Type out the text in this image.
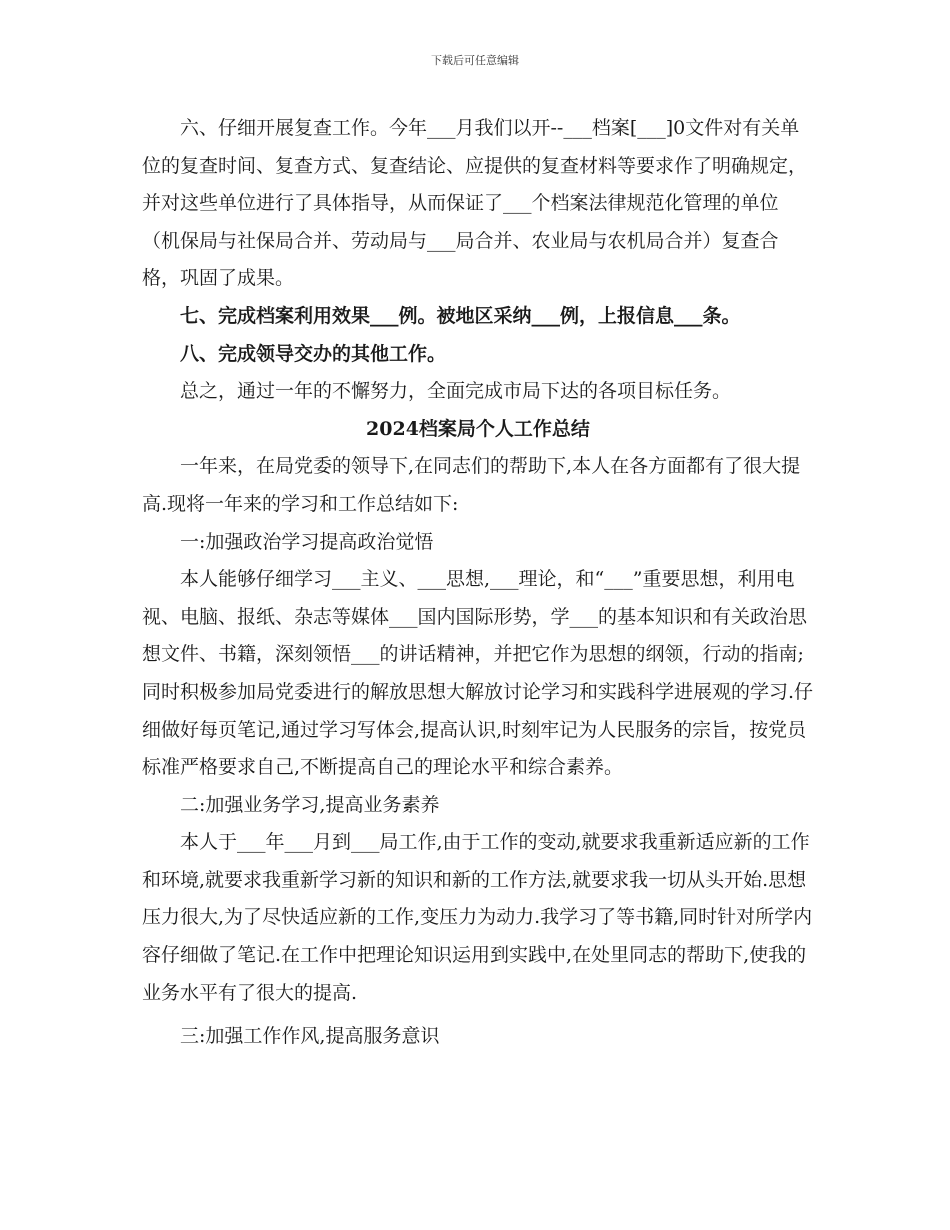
下载后可任意编辑

六、仔细开展复查工作。今年___月我们以开--___档案[___]0文件对有关单位的复查时间、复查方式、复查结论、应提供的复查材料等要求作了明确规定，并对这些单位进行了具体指导，从而保证了___个档案法律规范化管理的单位（机保局与社保局合并、劳动局与___局合并、农业局与农机局合并）复查合格，巩固了成果。

七、完成档案利用效果___例。被地区采纳___例，上报信息___条。

八、完成领导交办的其他工作。

总之，通过一年的不懈努力，全面完成市局下达的各项目标任务。

2024档案局个人工作总结

一年来，在局党委的领导下,在同志们的帮助下,本人在各方面都有了很大提高.现将一年来的学习和工作总结如下:

一:加强政治学习提高政治觉悟

本人能够仔细学习___主义、___思想,___理论，和“___”重要思想，利用电视、电脑、报纸、杂志等媒体___国内国际形势，学___的基本知识和有关政治思想文件、书籍，深刻领悟___的讲话精神，并把它作为思想的纲领，行动的指南;同时积极参加局党委进行的解放思想大解放讨论学习和实践科学进展观的学习.仔细做好每页笔记,通过学习写体会,提高认识,时刻牢记为人民服务的宗旨，按党员标准严格要求自己,不断提高自己的理论水平和综合素养。

二:加强业务学习,提高业务素养

本人于___年___月到___局工作,由于工作的变动,就要求我重新适应新的工作和环境,就要求我重新学习新的知识和新的工作方法,就要求我一切从头开始.思想压力很大,为了尽快适应新的工作,变压力为动力.我学习了等书籍,同时针对所学内容仔细做了笔记.在工作中把理论知识运用到实践中,在处里同志的帮助下,使我的业务水平有了很大的提高.

三:加强工作作风,提高服务意识
